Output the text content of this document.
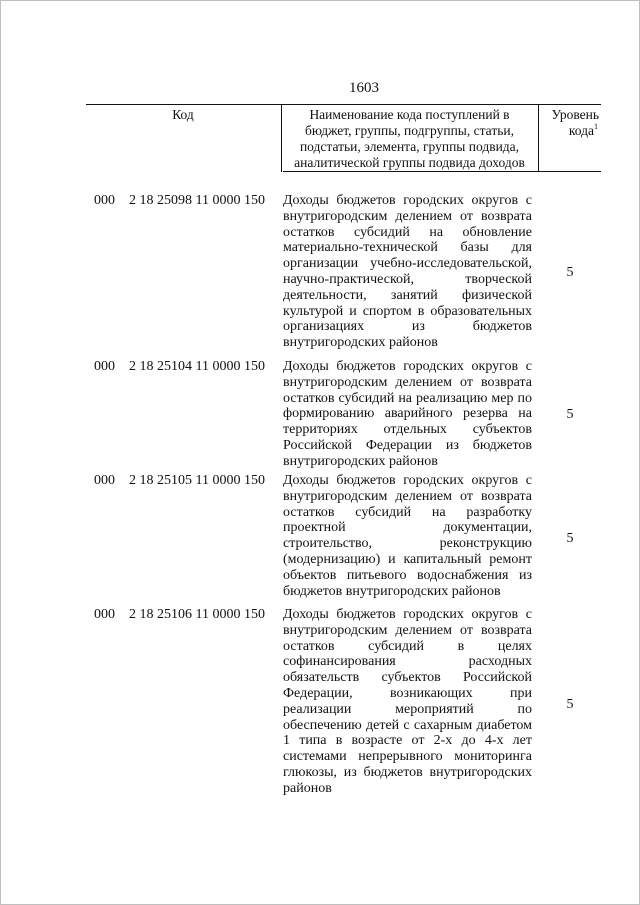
1603
Код	Наименование кода поступлений в
бюджет, группы, подгруппы, статьи,
подстатьи, элемента, группы подвида,
аналитической группы подвида доходов
Уровень
кода$^1$
000 2 18 25098 11 0000 150 Доходы бюджетов городских округов с
внутригородским делением от возврата
остатков субсидий на обновление
материально-технической базы для
организации учебно-исследовательской,
научно-практической, творческой
деятельности, занятий физической
культурой и спортом в образовательных
организациях из бюджетов
внутригородских районов
5
000 2 18 25104 11 0000 150 Доходы бюджетов городских округов с
внутригородским делением от возврата
остатков субсидий на реализацию мер по
формированию аварийного резерва на
территориях отдельных субъектов
Российской Федерации из бюджетов
внутригородских районов
5
000 2 18 25105 11 0000 150 Доходы бюджетов городских округов с
внутригородским делением от возврата
остатков субсидий на разработку
проектной документации,
строительство, реконструкцию
(модернизацию) и капитальный ремонт
объектов питьевого водоснабжения из
бюджетов внутригородских районов
5
000 2 18 25106 11 0000 150 Доходы бюджетов городских округов с
внутригородским делением от возврата
остатков субсидий в целях
софинансирования расходных
обязательств субъектов Российской
Федерации, возникающих при
реализации мероприятий по
обеспечению детей с сахарным диабетом
1 типа в возрасте от 2-х до 4-х лет
системами непрерывного мониторинга
глюкозы, из бюджетов внутригородских
районов
5
